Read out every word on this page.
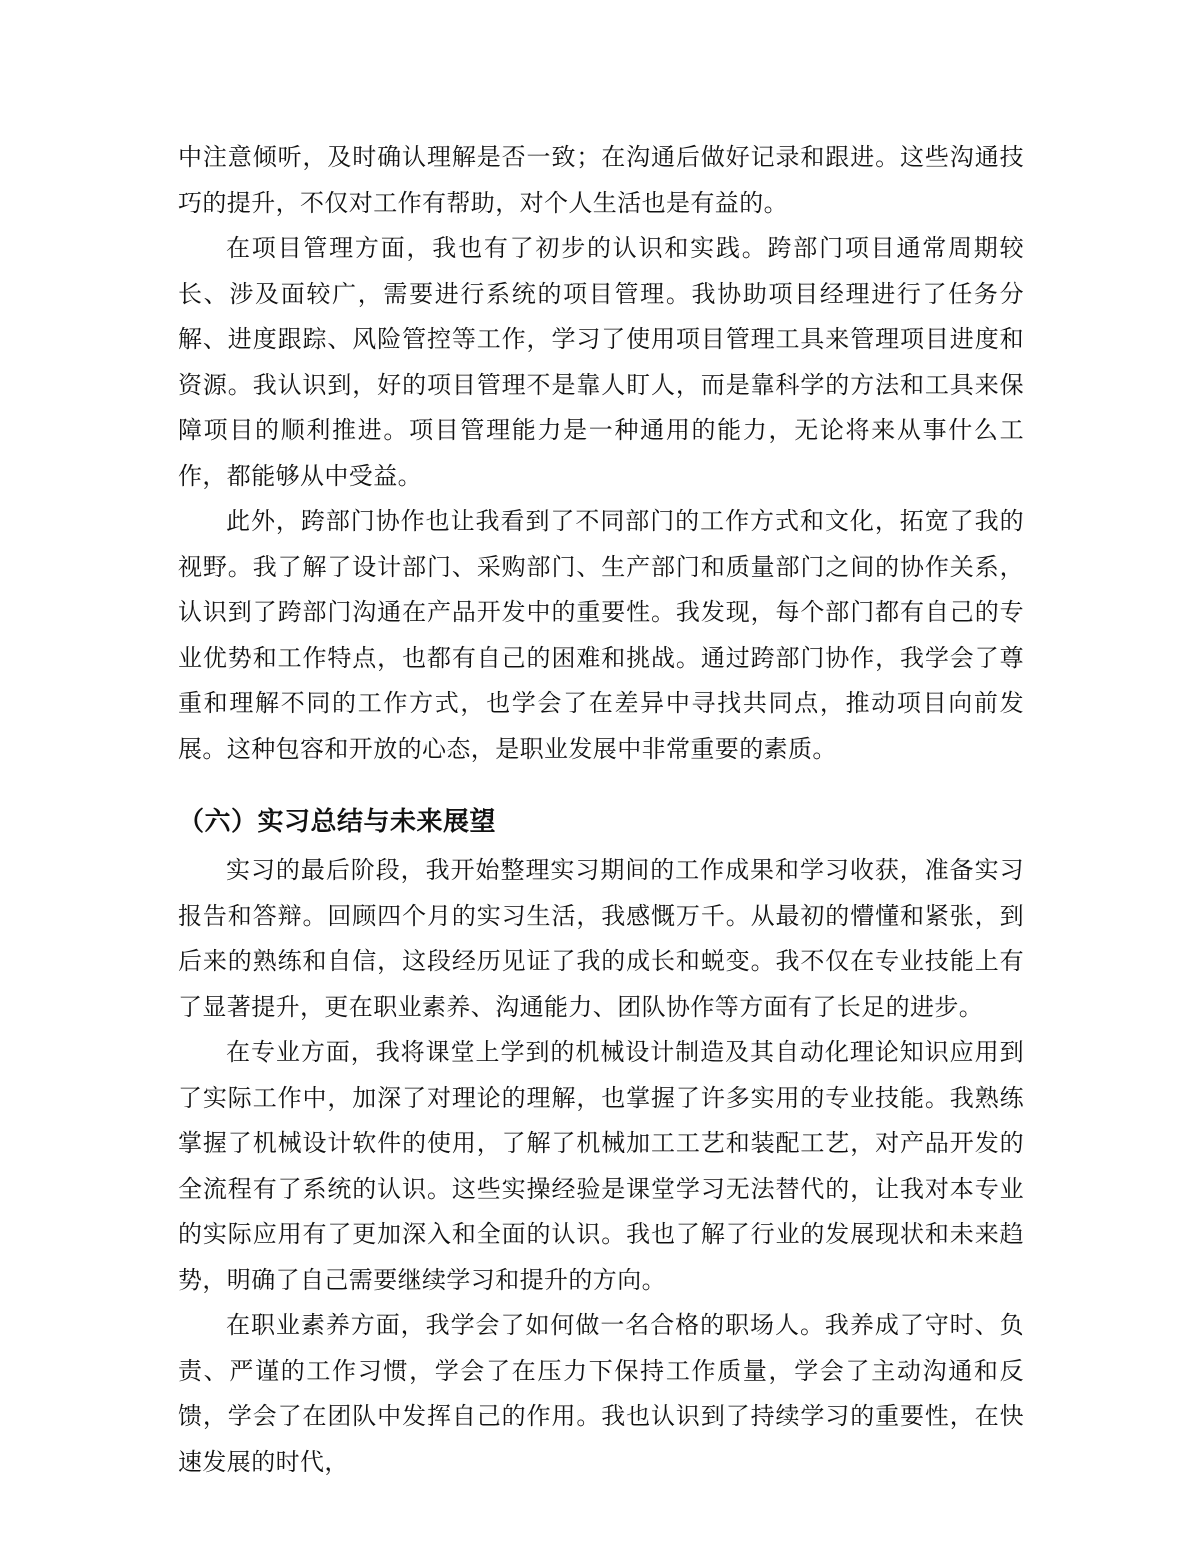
中注意倾听，及时确认理解是否一致；在沟通后做好记录和跟进。这些沟通技巧的提升，不仅对工作有帮助，对个人生活也是有益的。

在项目管理方面，我也有了初步的认识和实践。跨部门项目通常周期较长、涉及面较广，需要进行系统的项目管理。我协助项目经理进行了任务分解、进度跟踪、风险管控等工作，学习了使用项目管理工具来管理项目进度和资源。我认识到，好的项目管理不是靠人盯人，而是靠科学的方法和工具来保障项目的顺利推进。项目管理能力是一种通用的能力，无论将来从事什么工作，都能够从中受益。

此外，跨部门协作也让我看到了不同部门的工作方式和文化，拓宽了我的视野。我了解了设计部门、采购部门、生产部门和质量部门之间的协作关系，认识到了跨部门沟通在产品开发中的重要性。我发现，每个部门都有自己的专业优势和工作特点，也都有自己的困难和挑战。通过跨部门协作，我学会了尊重和理解不同的工作方式，也学会了在差异中寻找共同点，推动项目向前发展。这种包容和开放的心态，是职业发展中非常重要的素质。

（六）实习总结与未来展望

实习的最后阶段，我开始整理实习期间的工作成果和学习收获，准备实习报告和答辩。回顾四个月的实习生活，我感慨万千。从最初的懵懂和紧张，到后来的熟练和自信，这段经历见证了我的成长和蜕变。我不仅在专业技能上有了显著提升，更在职业素养、沟通能力、团队协作等方面有了长足的进步。

在专业方面，我将课堂上学到的机械设计制造及其自动化理论知识应用到了实际工作中，加深了对理论的理解，也掌握了许多实用的专业技能。我熟练掌握了机械设计软件的使用，了解了机械加工工艺和装配工艺，对产品开发的全流程有了系统的认识。这些实操经验是课堂学习无法替代的，让我对本专业的实际应用有了更加深入和全面的认识。我也了解了行业的发展现状和未来趋势，明确了自己需要继续学习和提升的方向。

在职业素养方面，我学会了如何做一名合格的职场人。我养成了守时、负责、严谨的工作习惯，学会了在压力下保持工作质量，学会了主动沟通和反馈，学会了在团队中发挥自己的作用。我也认识到了持续学习的重要性，在快速发展的时代，
